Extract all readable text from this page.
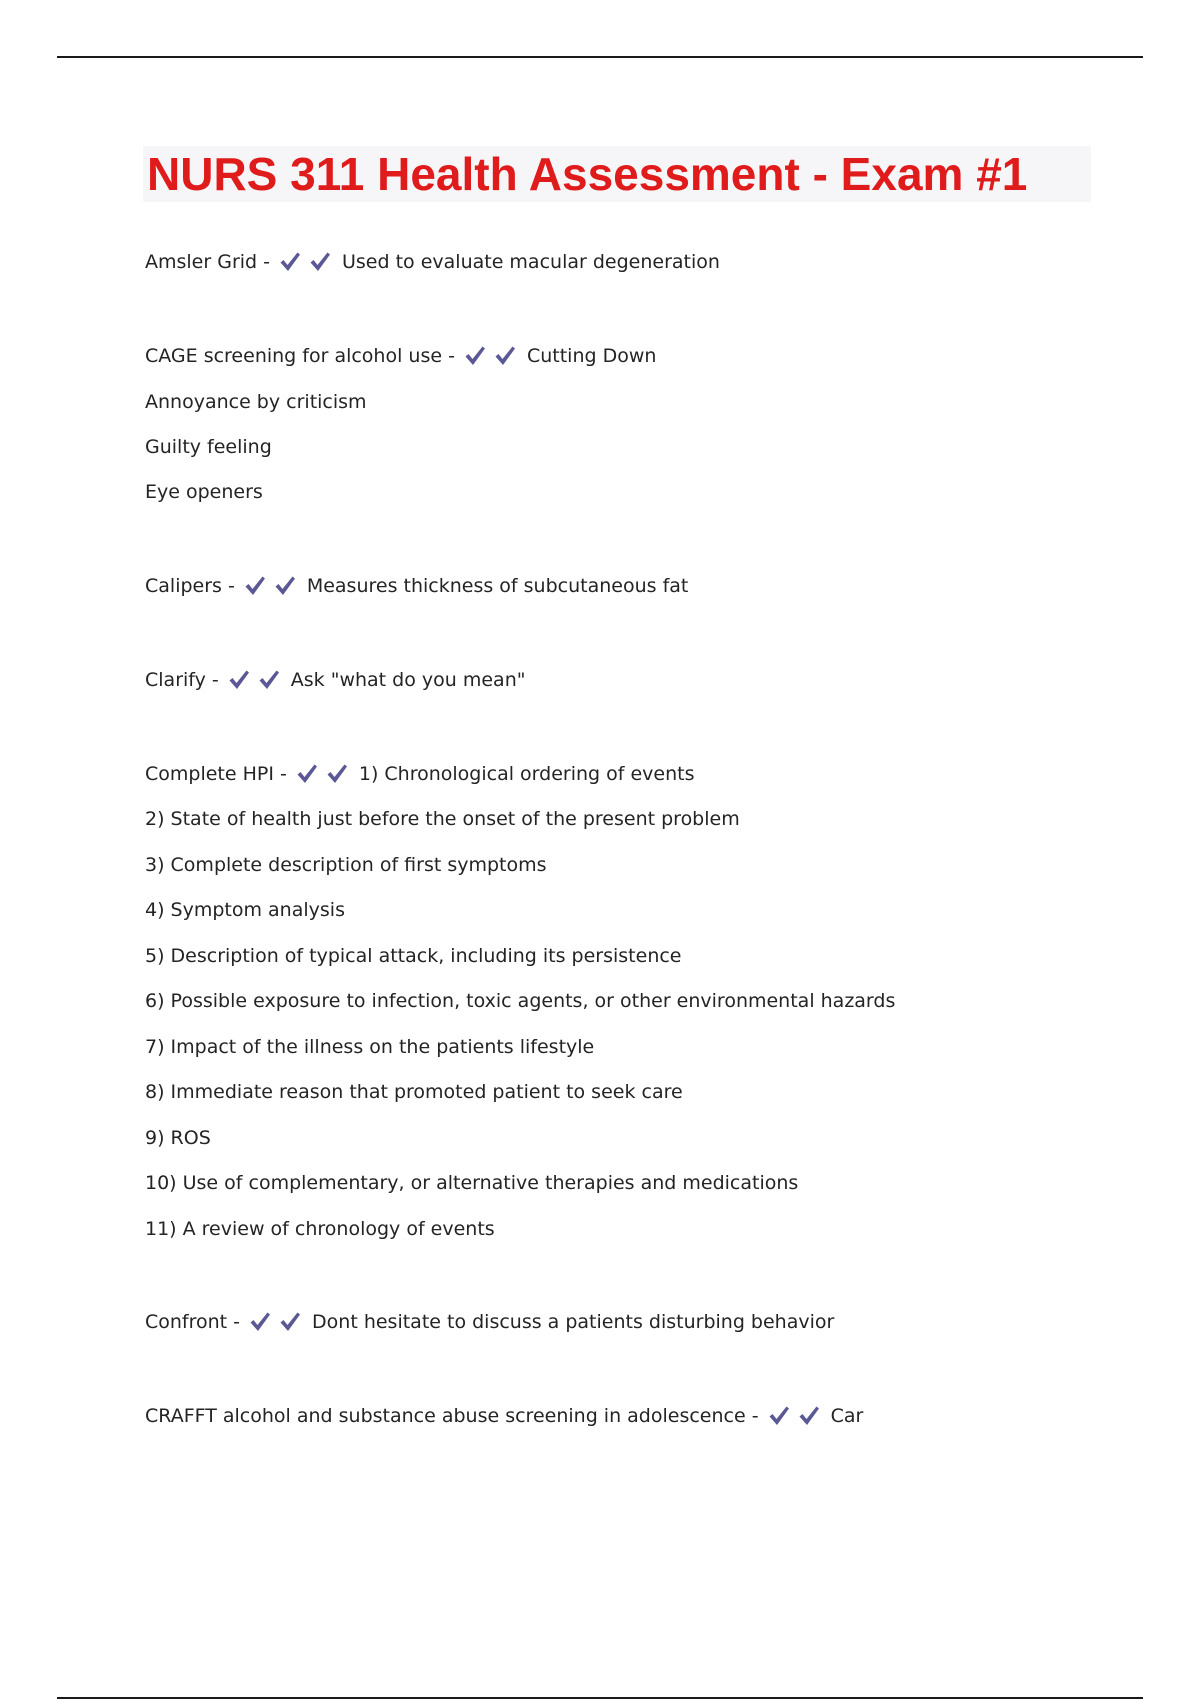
NURS 311 Health Assessment - Exam #1
Amsler Grid -	Used to evaluate macular degeneration
CAGE screening for alcohol use -	Cutting Down
Annoyance by criticism
Guilty feeling
Eye openers
Calipers -	Measures thickness of subcutaneous fat
Clarify -	Ask "what do you mean"
Complete HPI -	1) Chronological ordering of events
2) State of health just before the onset of the present problem
3) Complete description of first symptoms
4) Symptom analysis
5) Description of typical attack, including its persistence
6) Possible exposure to infection, toxic agents, or other environmental hazards
7) Impact of the illness on the patients lifestyle
8) Immediate reason that promoted patient to seek care
9) ROS
10) Use of complementary, or alternative therapies and medications
11) A review of chronology of events
Confront -	Dont hesitate to discuss a patients disturbing behavior
CRAFFT alcohol and substance abuse screening in adolescence -	Car
